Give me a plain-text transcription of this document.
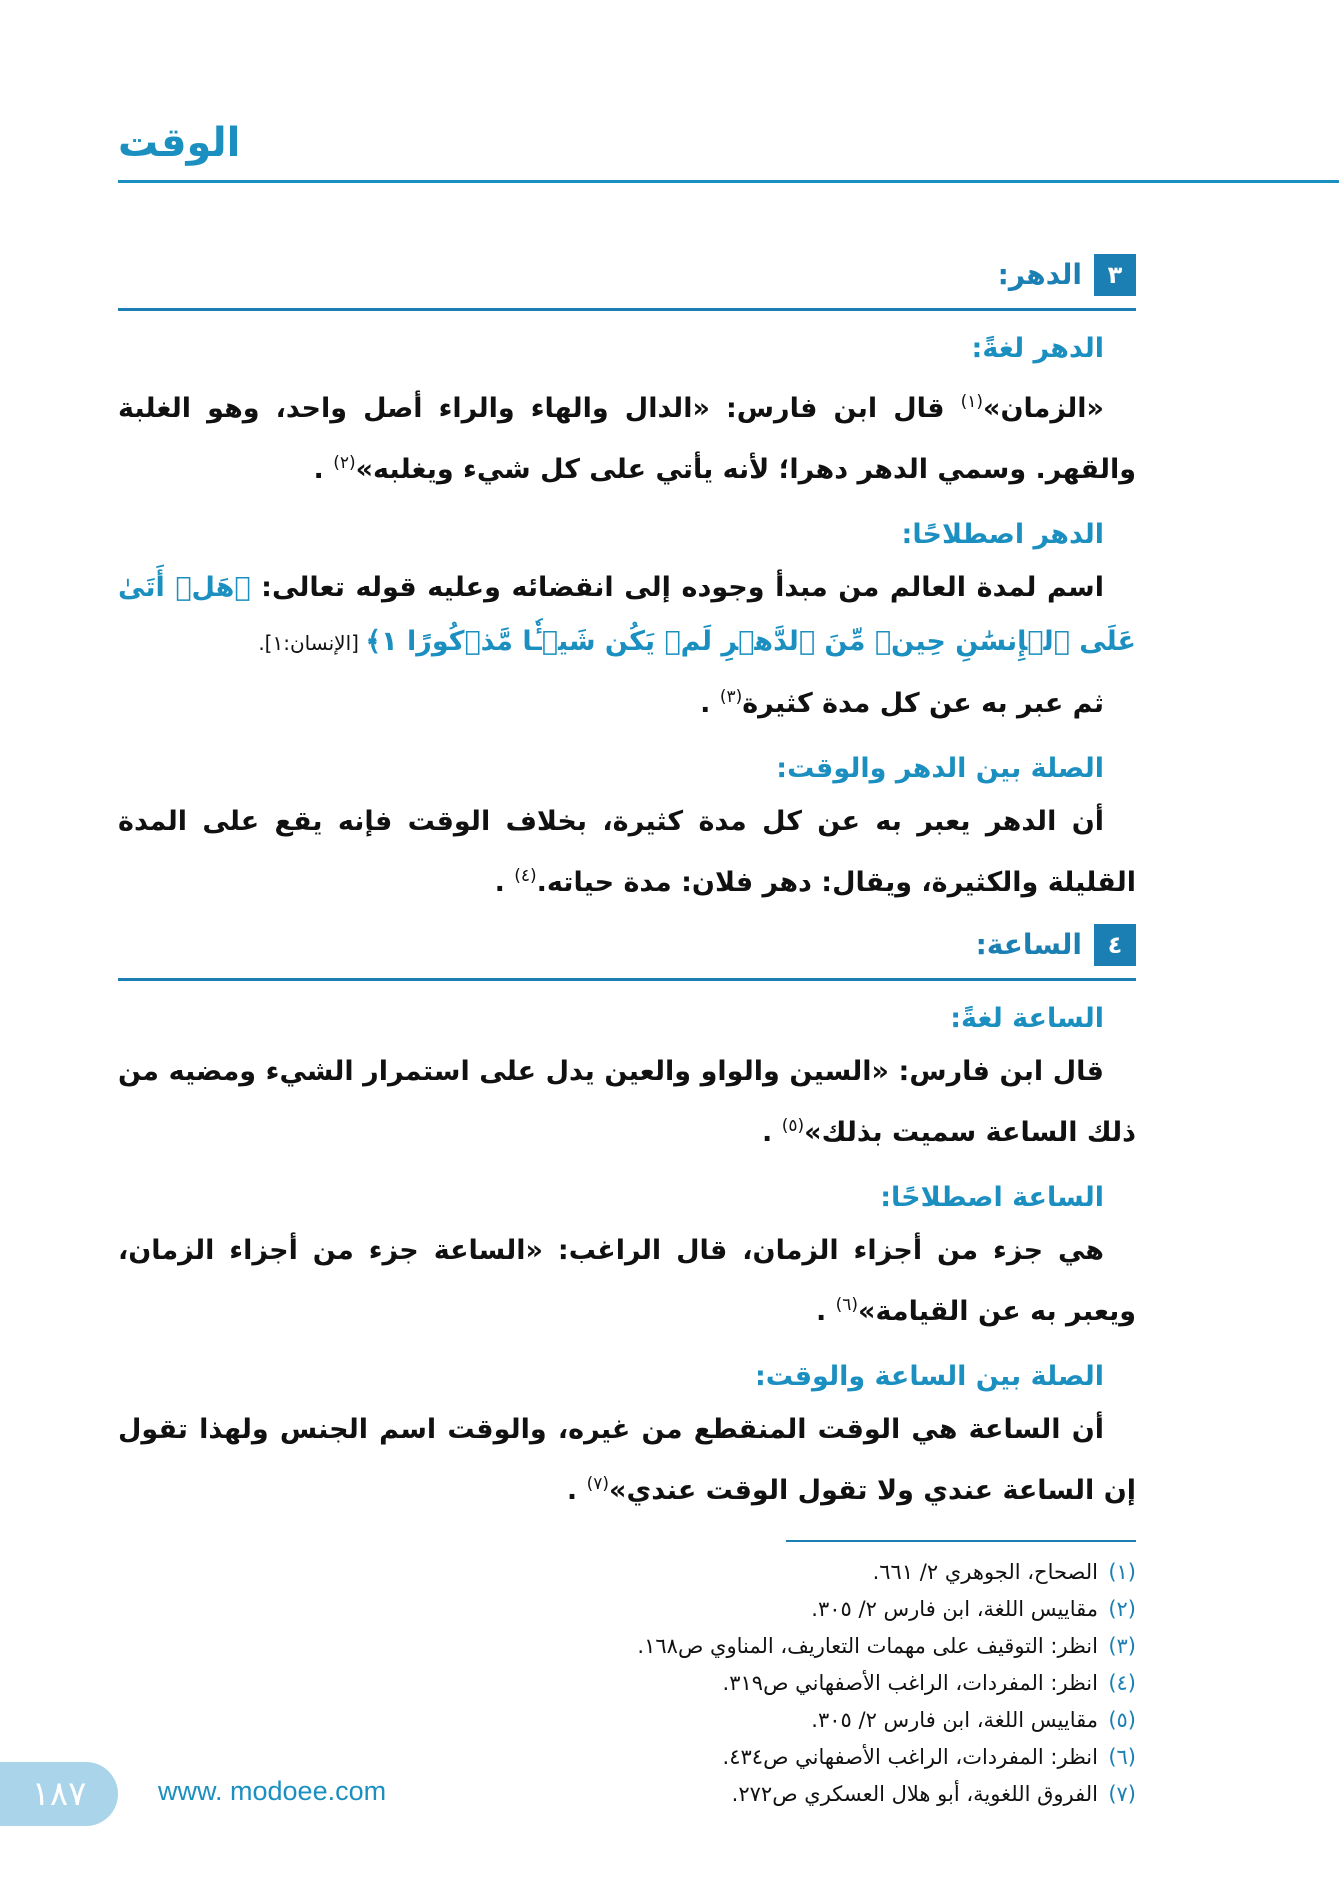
الوقت
٣
الدهر:
الدهر لغةً:

«الزمان»$^{(١)}$ قال ابن فارس: «الدال والهاء والراء أصل واحد، وهو الغلبة والقهر. وسمي الدهر دهرا؛ لأنه يأتي على كل شيء ويغلبه»$^{(٢)}$ .

الدهر اصطلاحًا:

اسم لمدة العالم من مبدأ وجوده إلى انقضائه وعليه قوله تعالى: ﴿هَلۡ أَتَىٰ عَلَى ٱلۡإِنسَٰنِ حِينٞ مِّنَ ٱلدَّهۡرِ لَمۡ يَكُن شَيۡـٔٗا مَّذۡكُورًا ١﴾ [الإنسان:١].

ثم عبر به عن كل مدة كثيرة$^{(٣)}$ .

الصلة بين الدهر والوقت:

أن الدهر يعبر به عن كل مدة كثيرة، بخلاف الوقت فإنه يقع على المدة القليلة والكثيرة، ويقال: دهر فلان: مدة حياته.$^{(٤)}$ .

٤
الساعة:
الساعة لغةً:

قال ابن فارس: «السين والواو والعين يدل على استمرار الشيء ومضيه من ذلك الساعة سميت بذلك»$^{(٥)}$ .

الساعة اصطلاحًا:

هي جزء من أجزاء الزمان، قال الراغب: «الساعة جزء من أجزاء الزمان، ويعبر به عن القيامة»$^{(٦)}$ .

الصلة بين الساعة والوقت:

أن الساعة هي الوقت المنقطع من غيره، والوقت اسم الجنس ولهذا تقول إن الساعة عندي ولا تقول الوقت عندي»$^{(٧)}$ .

(١)الصحاح، الجوهري ٢/ ٦٦١.

(٢)مقاييس اللغة، ابن فارس ٢/ ٣٠٥.

(٣)انظر: التوقيف على مهمات التعاريف، المناوي ص١٦٨.

(٤)انظر: المفردات، الراغب الأصفهاني ص٣١٩.

(٥)مقاييس اللغة، ابن فارس ٢/ ٣٠٥.

(٦)انظر: المفردات، الراغب الأصفهاني ص٤٣٤.

(٧)الفروق اللغوية، أبو هلال العسكري ص٢٧٢.

١٨٧	www. modoee.com
